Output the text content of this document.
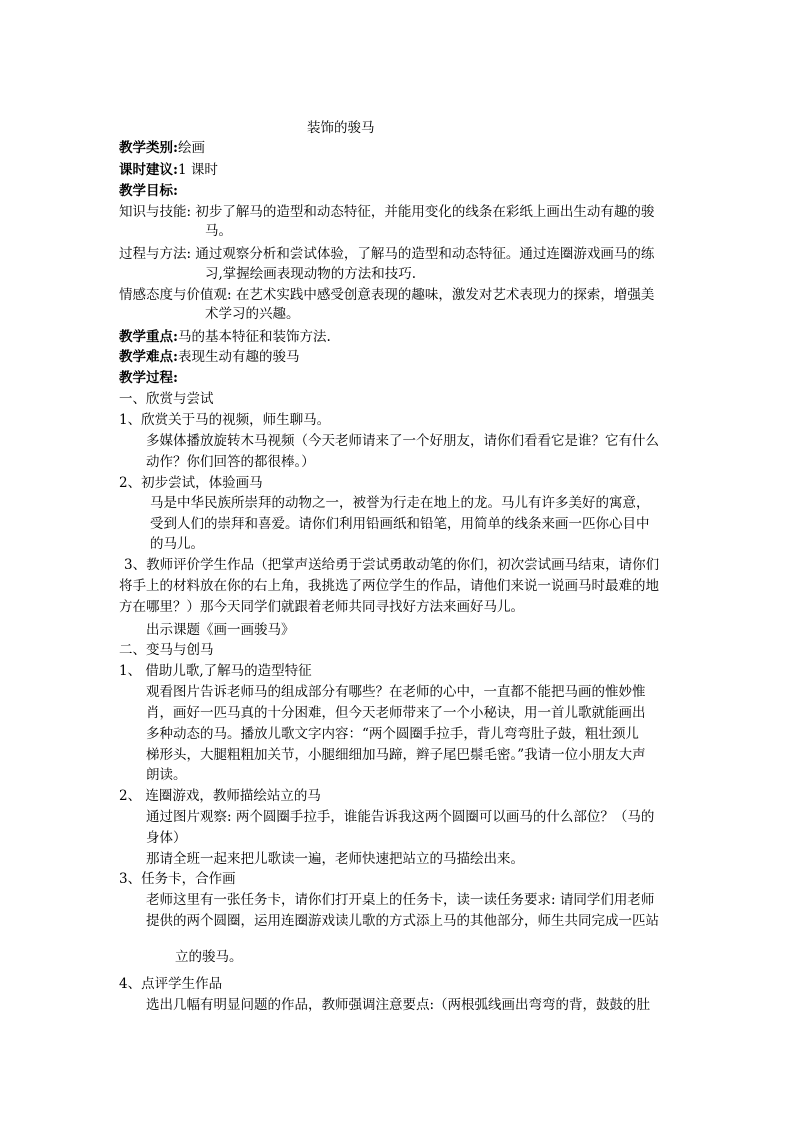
装饰的骏马
教学类别:绘画
课时建议:1 课时
教学目标:
知识与技能: 初步了解马的造型和动态特征，并能用变化的线条在彩纸上画出生动有趣的骏
马。
过程与方法: 通过观察分析和尝试体验，了解马的造型和动态特征。通过连圈游戏画马的练
习,掌握绘画表现动物的方法和技巧.
情感态度与价值观: 在艺术实践中感受创意表现的趣味，激发对艺术表现力的探索，增强美
术学习的兴趣。
教学重点:马的基本特征和装饰方法.
教学难点:表现生动有趣的骏马
教学过程:
一、欣赏与尝试
1、欣赏关于马的视频，师生聊马。
多媒体播放旋转木马视频（今天老师请来了一个好朋友，请你们看看它是谁？它有什么
动作？你们回答的都很棒。）
2、初步尝试，体验画马
马是中华民族所崇拜的动物之一，被誉为行走在地上的龙。马儿有许多美好的寓意，
受到人们的崇拜和喜爱。请你们利用铅画纸和铅笔，用简单的线条来画一匹你心目中
的马儿。
3、教师评价学生作品（把掌声送给勇于尝试勇敢动笔的你们，初次尝试画马结束，请你们
将手上的材料放在你的右上角，我挑选了两位学生的作品，请他们来说一说画马时最难的地
方在哪里？）那今天同学们就跟着老师共同寻找好方法来画好马儿。
出示课题《画一画骏马》
二、变马与创马
1、 借助儿歌,了解马的造型特征
观看图片告诉老师马的组成部分有哪些？在老师的心中，一直都不能把马画的惟妙惟
肖，画好一匹马真的十分困难，但今天老师带来了一个小秘诀，用一首儿歌就能画出
多种动态的马。播放儿歌文字内容：“两个圆圈手拉手，背儿弯弯肚子鼓，粗壮颈儿
梯形头，大腿粗粗加关节，小腿细细加马蹄，辫子尾巴鬃毛密。”我请一位小朋友大声
朗读。
2、 连圈游戏，教师描绘站立的马
通过图片观察: 两个圆圈手拉手，谁能告诉我这两个圆圈可以画马的什么部位？（马的
身体）
那请全班一起来把儿歌读一遍，老师快速把站立的马描绘出来。
3、任务卡，合作画
老师这里有一张任务卡，请你们打开桌上的任务卡，读一读任务要求: 请同学们用老师
提供的两个圆圈，运用连圈游戏读儿歌的方式添上马的其他部分，师生共同完成一匹站
立的骏马。
4、点评学生作品
选出几幅有明显问题的作品，教师强调注意要点:（两根弧线画出弯弯的背，鼓鼓的肚
